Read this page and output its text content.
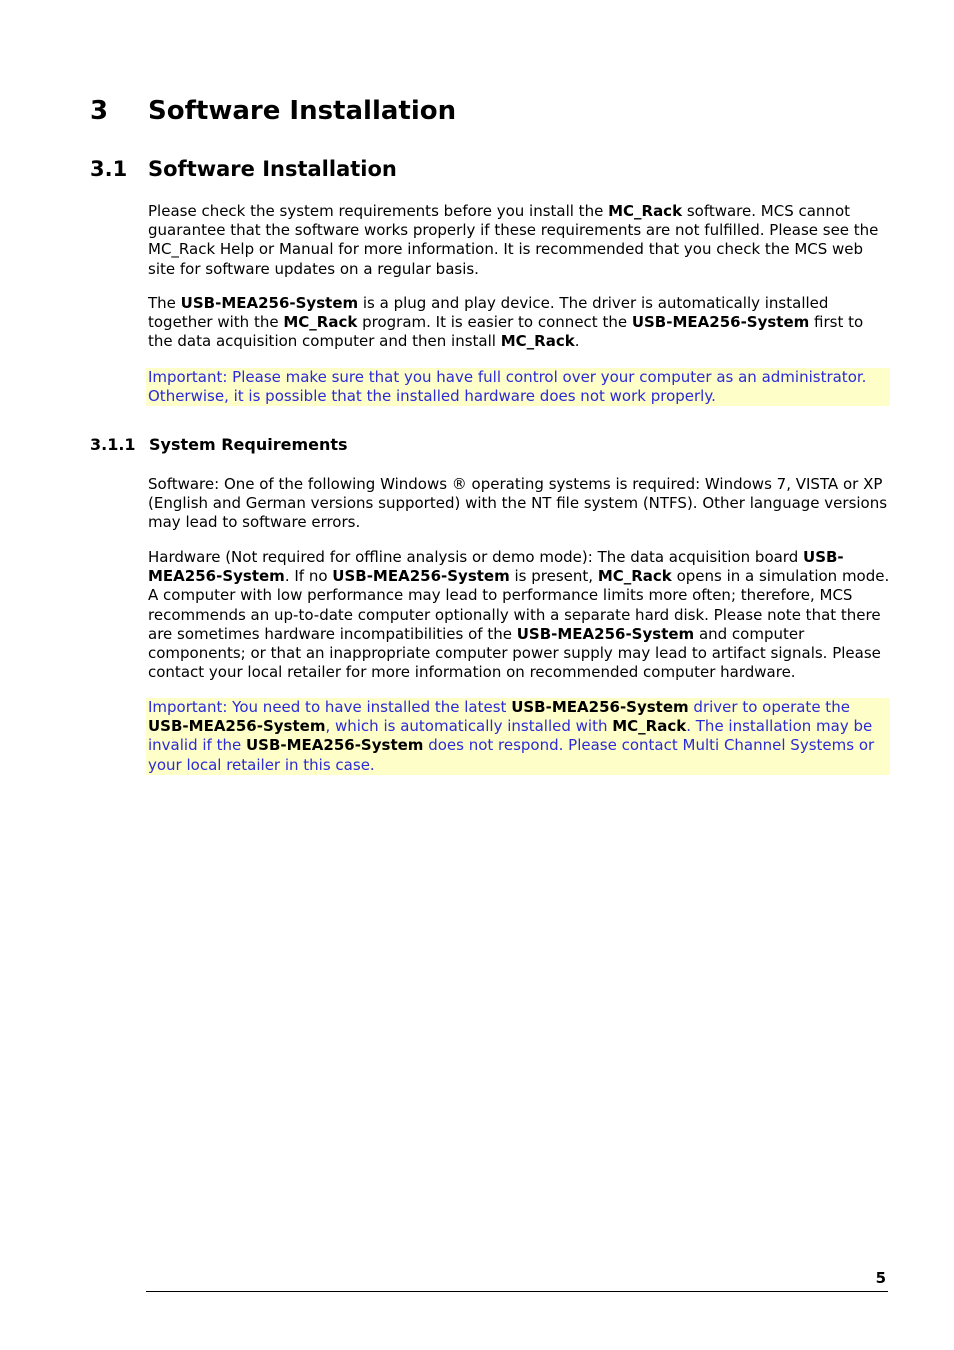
3 Software Installation
3.1 Software Installation

Please check the system requirements before you install the MC_Rack software. MCS cannot guarantee that the software works properly if these requirements are not fulfilled. Please see the MC_Rack Help or Manual for more information. It is recommended that you check the MCS web site for software updates on a regular basis.

The USB-MEA256-System is a plug and play device. The driver is automatically installed together with the MC_Rack program. It is easier to connect the USB-MEA256-System first to the data acquisition computer and then install MC_Rack.

Important: Please make sure that you have full control over your computer as an administrator. Otherwise, it is possible that the installed hardware does not work properly.

3.1.1 System Requirements

Software: One of the following Windows ® operating systems is required: Windows 7, VISTA or XP (English and German versions supported) with the NT file system (NTFS). Other language versions may lead to software errors.

Hardware (Not required for offline analysis or demo mode): The data acquisition board USB-MEA256-System. If no USB-MEA256-System is present, MC_Rack opens in a simulation mode. A computer with low performance may lead to performance limits more often; therefore, MCS recommends an up-to-date computer optionally with a separate hard disk. Please note that there are sometimes hardware incompatibilities of the USB-MEA256-System and computer components; or that an inappropriate computer power supply may lead to artifact signals. Please contact your local retailer for more information on recommended computer hardware.

Important: You need to have installed the latest USB-MEA256-System driver to operate the USB-MEA256-System, which is automatically installed with MC_Rack. The installation may be invalid if the USB-MEA256-System does not respond. Please contact Multi Channel Systems or your local retailer in this case.

5
